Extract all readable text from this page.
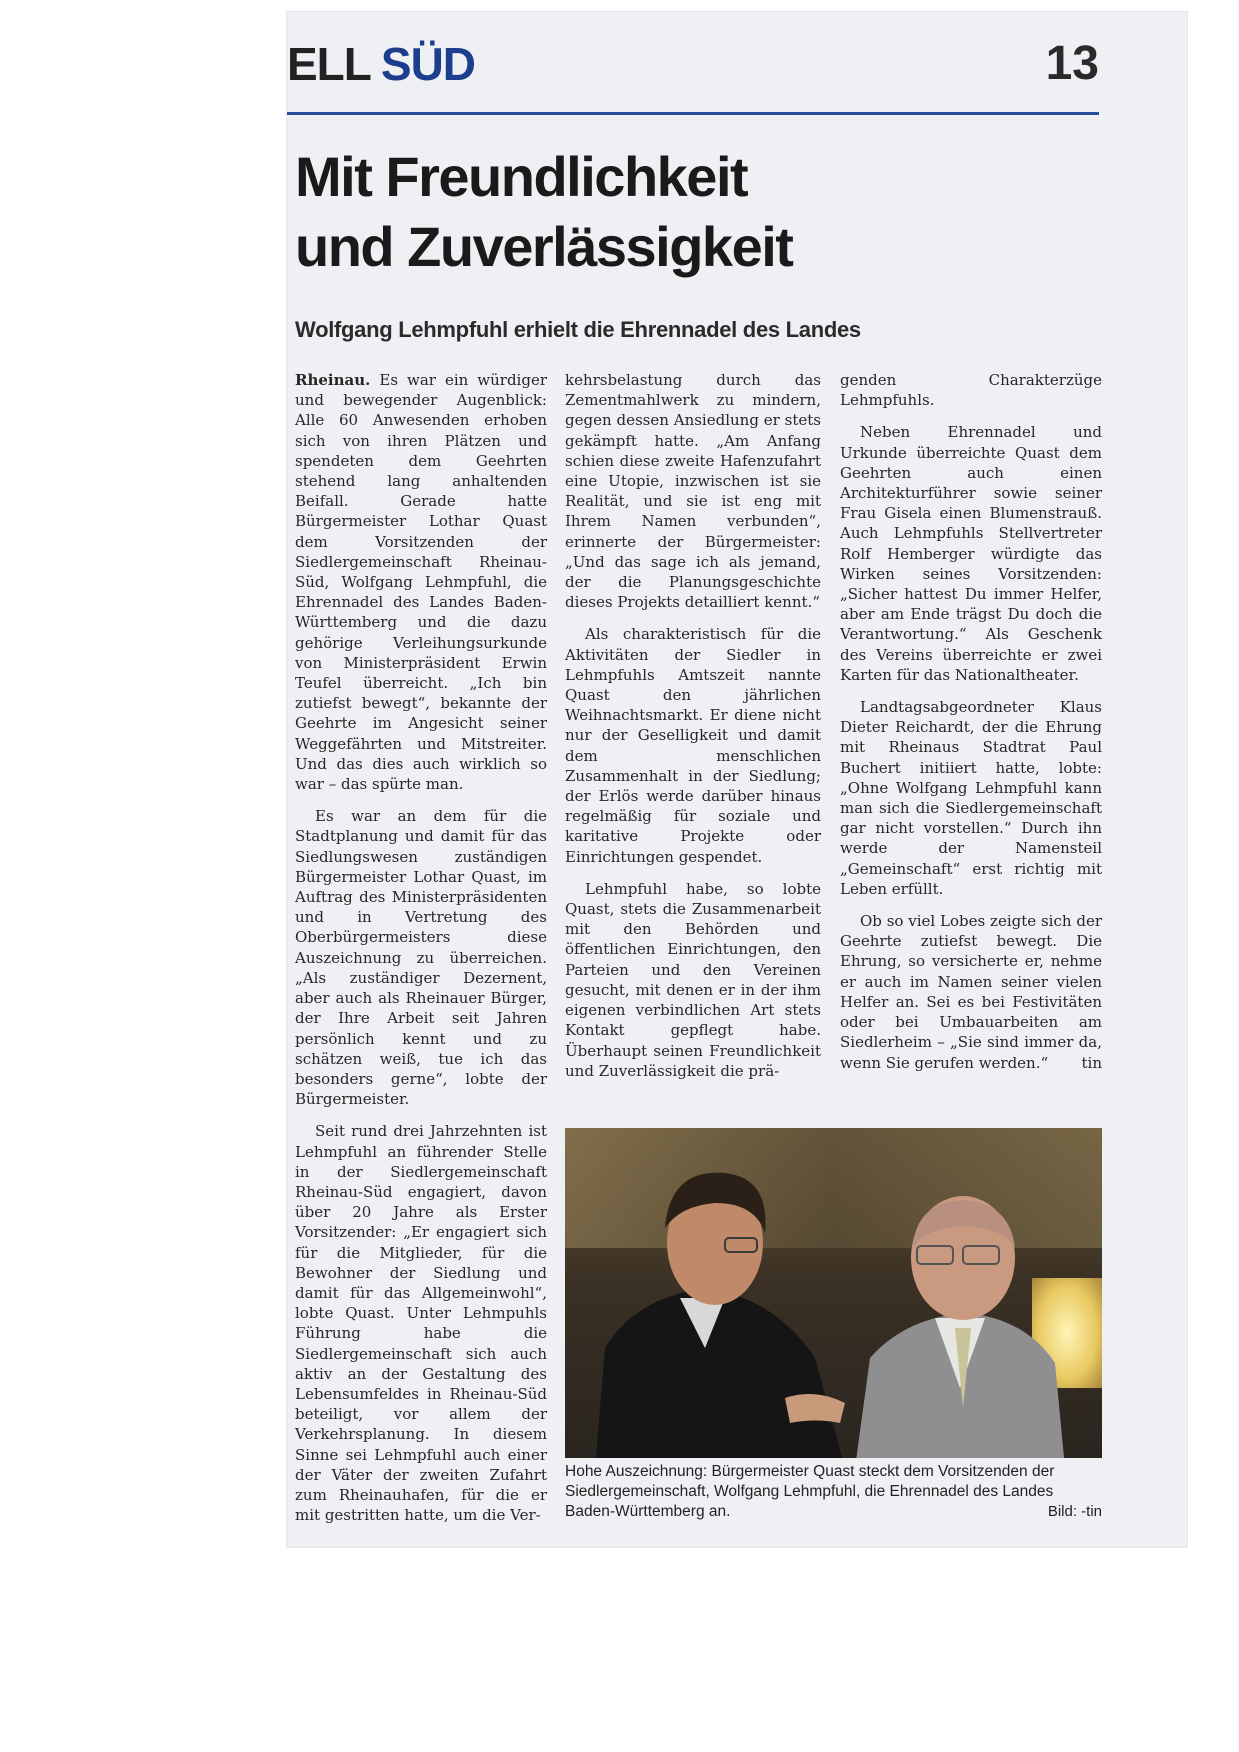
ELL SÜD	13
Mit Freundlichkeit
und Zuverlässigkeit
Wolfgang Lehmpfuhl erhielt die Ehrennadel des Landes

Rheinau. Es war ein würdiger und bewegender Augenblick: Alle 60 Anwesenden erhoben sich von ihren Plätzen und spendeten dem Geehrten stehend lang anhaltenden Beifall. Gerade hatte Bürgermeister Lothar Quast dem Vorsitzenden der Siedlergemeinschaft Rheinau-Süd, Wolfgang Lehmpfuhl, die Ehrennadel des Landes Baden-Württemberg und die dazu gehörige Verleihungsurkunde von Ministerpräsident Erwin Teufel überreicht. „Ich bin zutiefst bewegt“, bekannte der Geehrte im Angesicht seiner Weggefährten und Mitstreiter. Und das dies auch wirklich so war – das spürte man.

Es war an dem für die Stadtplanung und damit für das Siedlungswesen zuständigen Bürgermeister Lothar Quast, im Auftrag des Ministerpräsidenten und in Vertretung des Oberbürgermeisters diese Auszeichnung zu überreichen. „Als zuständiger Dezernent, aber auch als Rheinauer Bürger, der Ihre Arbeit seit Jahren persönlich kennt und zu schätzen weiß, tue ich das besonders gerne“, lobte der Bürgermeister.

Seit rund drei Jahrzehnten ist Lehmpfuhl an führender Stelle in der Siedlergemeinschaft Rheinau-Süd engagiert, davon über 20 Jahre als Erster Vorsitzender: „Er engagiert sich für die Mitglieder, für die Bewohner der Siedlung und damit für das Allgemeinwohl“, lobte Quast. Unter Lehmpuhls Führung habe die Siedlergemeinschaft sich auch aktiv an der Gestaltung des Lebensumfeldes in Rheinau-Süd beteiligt, vor allem der Verkehrsplanung. In diesem Sinne sei Lehmpfuhl auch einer der Väter der zweiten Zufahrt zum Rheinauhafen, für die er mit gestritten hatte, um die Ver-

kehrsbelastung durch das Zementmahlwerk zu mindern, gegen dessen Ansiedlung er stets gekämpft hatte. „Am Anfang schien diese zweite Hafenzufahrt eine Utopie, inzwischen ist sie Realität, und sie ist eng mit Ihrem Namen verbunden“, erinnerte der Bürgermeister: „Und das sage ich als jemand, der die Planungsgeschichte dieses Projekts detailliert kennt.“

Als charakteristisch für die Aktivitäten der Siedler in Lehmpfuhls Amtszeit nannte Quast den jährlichen Weihnachtsmarkt. Er diene nicht nur der Geselligkeit und damit dem menschlichen Zusammenhalt in der Siedlung; der Erlös werde darüber hinaus regelmäßig für soziale und karitative Projekte oder Einrichtungen gespendet.

Lehmpfuhl habe, so lobte Quast, stets die Zusammenarbeit mit den Behörden und öffentlichen Einrichtungen, den Parteien und den Vereinen gesucht, mit denen er in der ihm eigenen verbindlichen Art stets Kontakt gepflegt habe. Überhaupt seinen Freundlichkeit und Zuverlässigkeit die prä-

genden Charakterzüge Lehmpfuhls.

Neben Ehrennadel und Urkunde überreichte Quast dem Geehrten auch einen Architekturführer sowie seiner Frau Gisela einen Blumenstrauß. Auch Lehmpfuhls Stellvertreter Rolf Hemberger würdigte das Wirken seines Vorsitzenden: „Sicher hattest Du immer Helfer, aber am Ende trägst Du doch die Verantwortung.“ Als Geschenk des Vereins überreichte er zwei Karten für das Nationaltheater.

Landtagsabgeordneter Klaus Dieter Reichardt, der die Ehrung mit Rheinaus Stadtrat Paul Buchert initiiert hatte, lobte: „Ohne Wolfgang Lehmpfuhl kann man sich die Siedlergemeinschaft gar nicht vorstellen.“ Durch ihn werde der Namensteil „Gemeinschaft“ erst richtig mit Leben erfüllt.

Ob so viel Lobes zeigte sich der Geehrte zutiefst bewegt. Die Ehrung, so versicherte er, nehme er auch im Namen seiner vielen Helfer an. Sei es bei Festivitäten oder bei Umbauarbeiten am Siedlerheim – „Sie sind immer da, wenn Sie gerufen werden.“	tin

Hohe Auszeichnung: Bürgermeister Quast steckt dem Vorsitzenden der Siedlergemeinschaft, Wolfgang Lehmpfuhl, die Ehrennadel des Landes Baden-Württemberg an.	Bild: -tin
